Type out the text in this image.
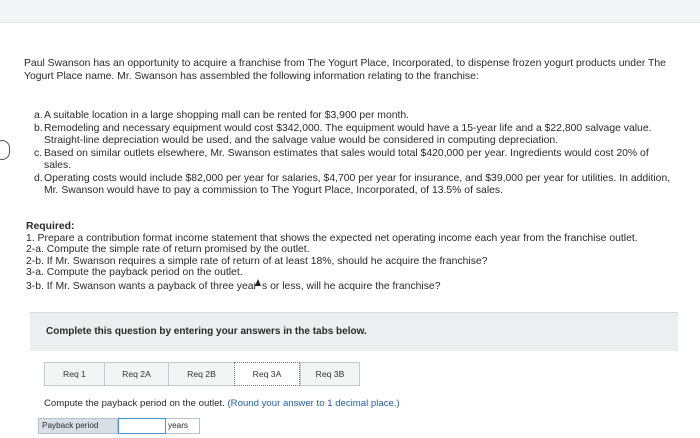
Paul Swanson has an opportunity to acquire a franchise from The Yogurt Place, Incorporated, to dispense frozen yogurt products under The Yogurt Place name. Mr. Swanson has assembled the following information relating to the franchise:
a. A suitable location in a large shopping mall can be rented for $3,900 per month.
b. Remodeling and necessary equipment would cost $342,000. The equipment would have a 15-year life and a $22,800 salvage value. Straight-line depreciation would be used, and the salvage value would be considered in computing depreciation.
c. Based on similar outlets elsewhere, Mr. Swanson estimates that sales would total $420,000 per year. Ingredients would cost 20% of sales.
d. Operating costs would include $82,000 per year for salaries, $4,700 per year for insurance, and $39,000 per year for utilities. In addition, Mr. Swanson would have to pay a commission to The Yogurt Place, Incorporated, of 13.5% of sales.
Required:
1. Prepare a contribution format income statement that shows the expected net operating income each year from the franchise outlet.
2-a. Compute the simple rate of return promised by the outlet.
2-b. If Mr. Swanson requires a simple rate of return of at least 18%, should he acquire the franchise?
3-a. Compute the payback period on the outlet.
3-b. If Mr. Swanson wants a payback of three year s or less, will he acquire the franchise?
Complete this question by entering your answers in the tabs below.
Req 1	Req 2A	Req 2B	Req 3A	Req 3B
Compute the payback period on the outlet. (Round your answer to 1 decimal place.)
Payback period	years
